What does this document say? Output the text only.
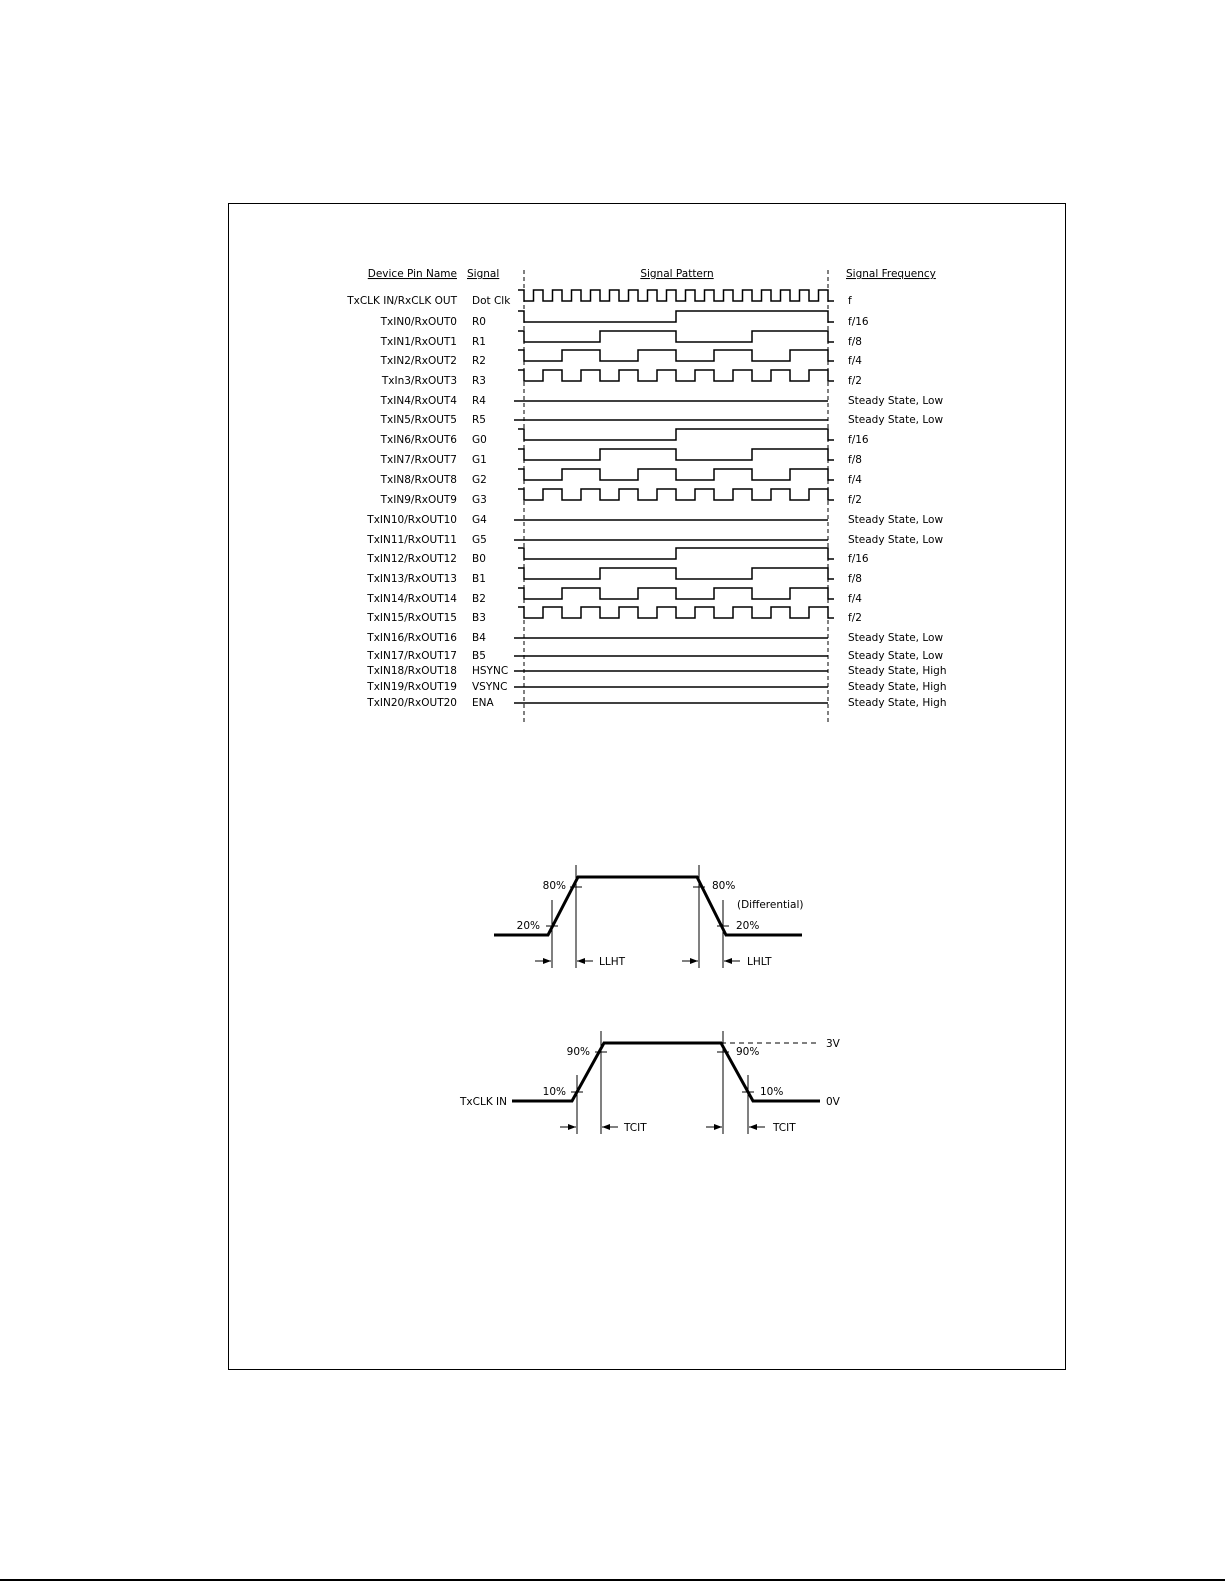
Device Pin Name Signal	Signal Pattern	Signal Frequency
TxCLK IN/RxCLK OUT Dot Clk	f
TxIN0/RxOUT0 R0	f/16
TxIN1/RxOUT1 R1	f/8
TxIN2/RxOUT2 R2	f/4
TxIn3/RxOUT3 R3	f/2
TxIN4/RxOUT4 R4	Steady State, Low
TxIN5/RxOUT5 R5	Steady State, Low
TxIN6/RxOUT6 G0	f/16
TxIN7/RxOUT7 G1	f/8
TxIN8/RxOUT8 G2	f/4
TxIN9/RxOUT9 G3	f/2
TxIN10/RxOUT10 G4	Steady State, Low
TxIN11/RxOUT11 G5	Steady State, Low
TxIN12/RxOUT12 B0	f/16
TxIN13/RxOUT13 B1	f/8
TxIN14/RxOUT14 B2	f/4
TxIN15/RxOUT15 B3	f/2
TxIN16/RxOUT16 B4	Steady State, Low
TxIN17/RxOUT17 B5	Steady State, Low
TxIN18/RxOUT18 HSYNC	Steady State, High
TxIN19/RxOUT19 VSYNC	Steady State, High
TxIN20/RxOUT20 ENA	Steady State, High
80%
20%
80%
(Differential)
20%
LLHT	LHLT
TxCLK IN
90%
10%
90%
10%
3V
0V
TCIT	TCIT
